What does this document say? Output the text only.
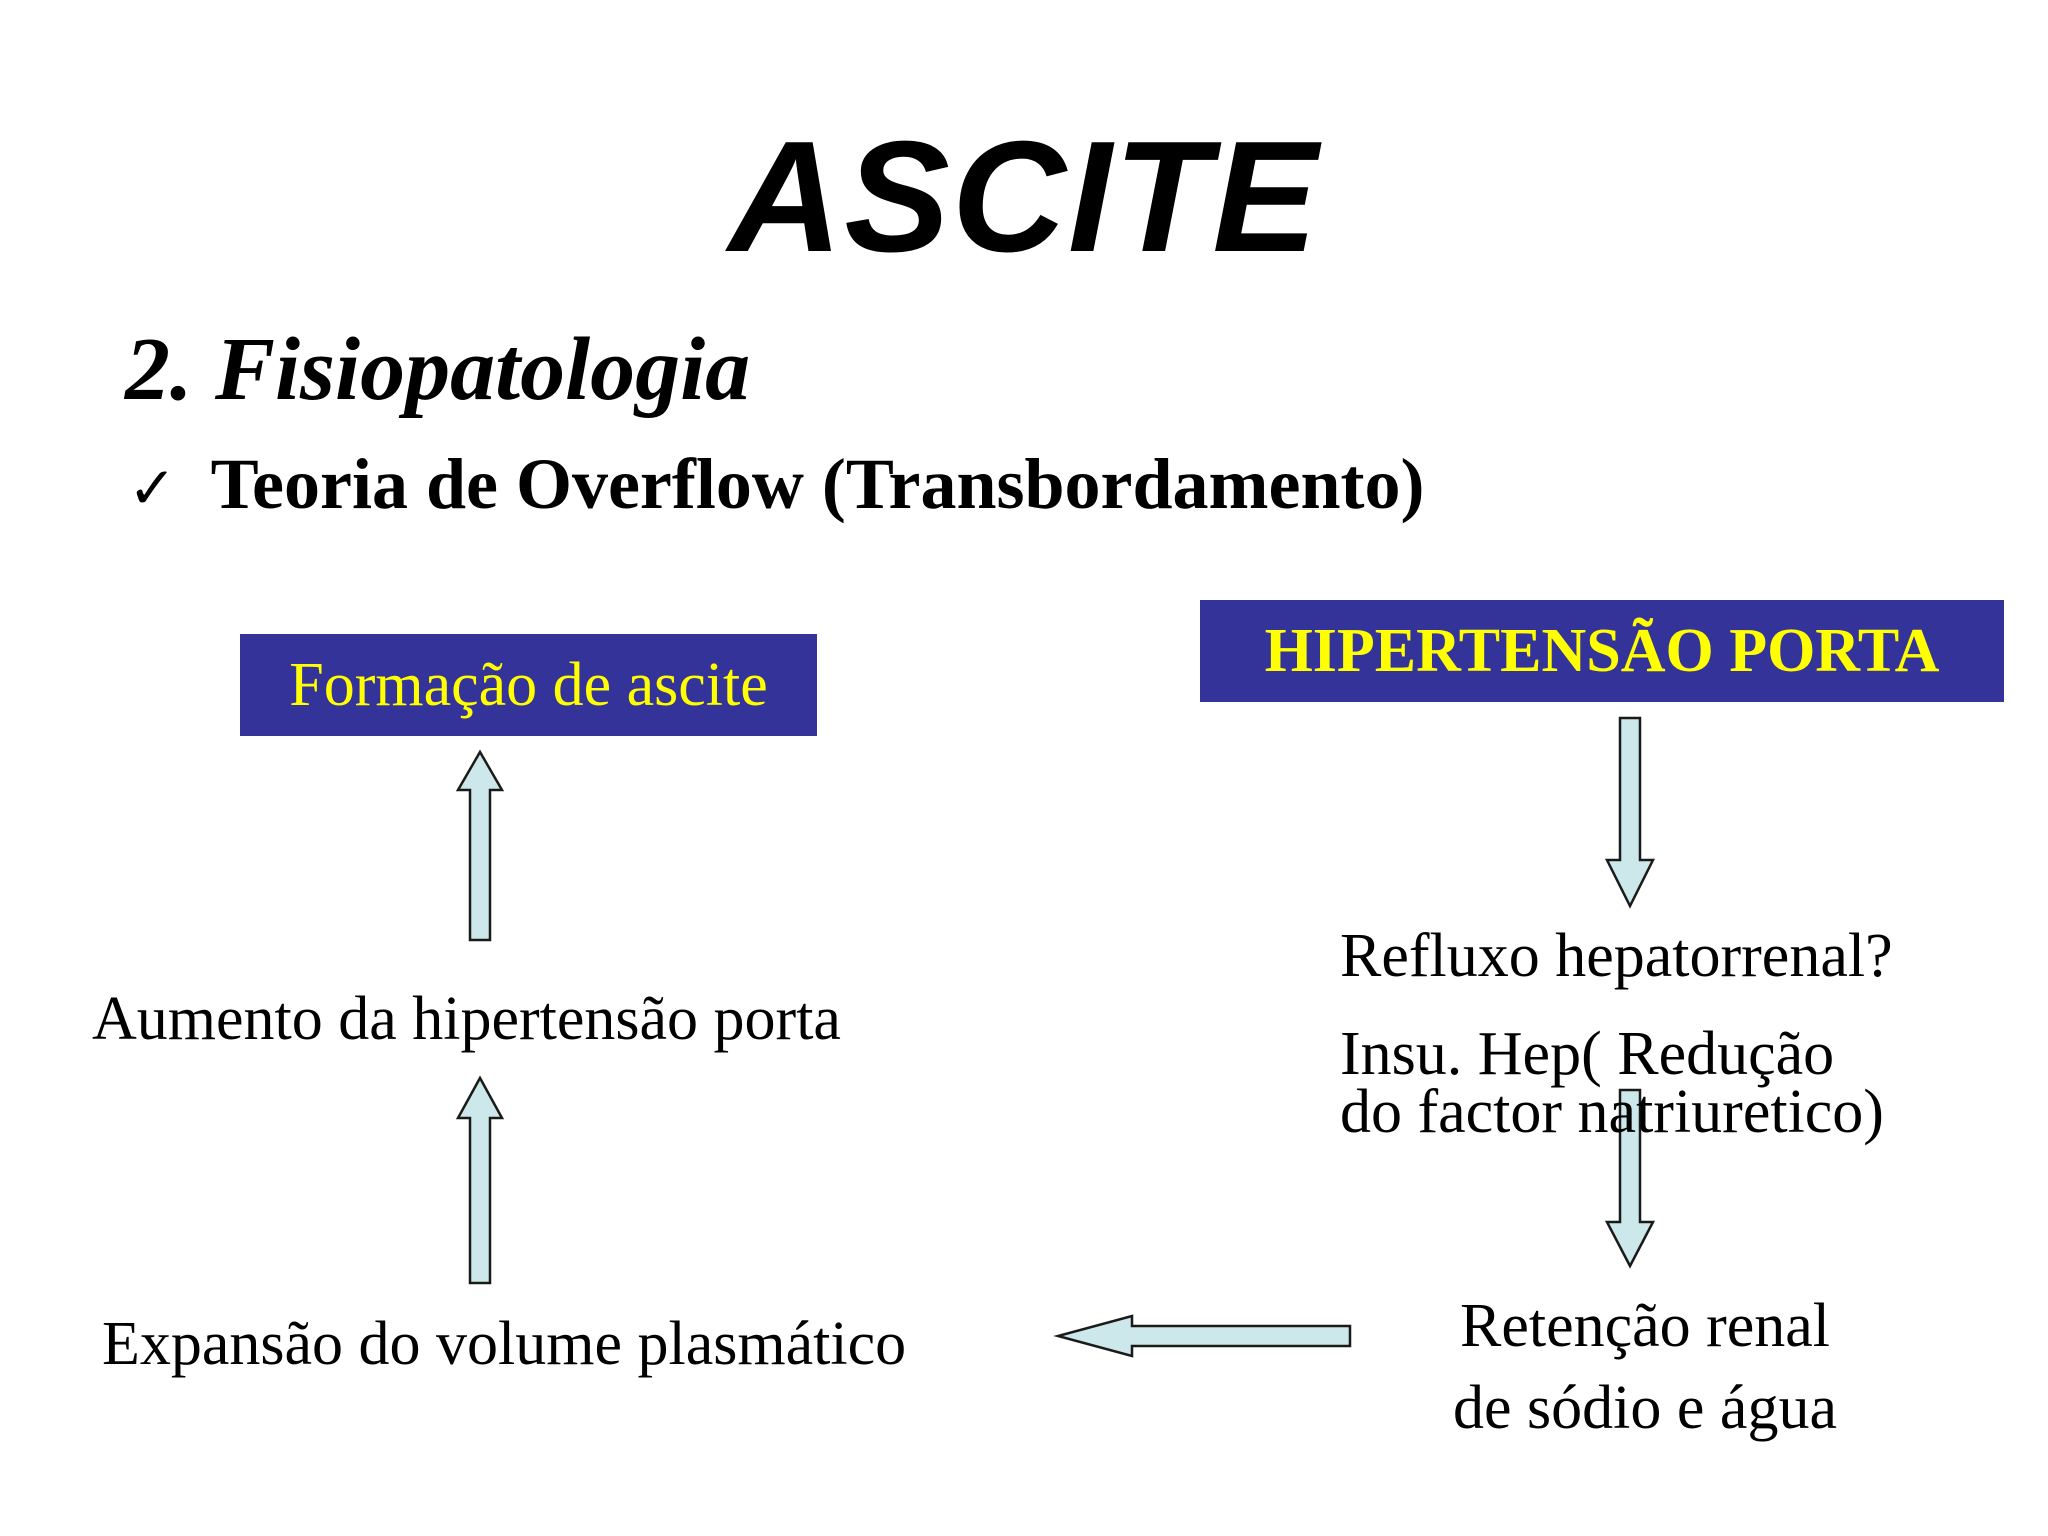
ASCITE
2. Fisiopatologia
✓ Teoria de Overflow (Transbordamento)
Formação de ascite	HIPERTENSÃO PORTA
Aumento da hipertensão porta
Expansão do volume plasmático
Refluxo hepatorrenal?
Insu. Hep( Redução
do factor natriuretico)
Retenção renal
de sódio e água
